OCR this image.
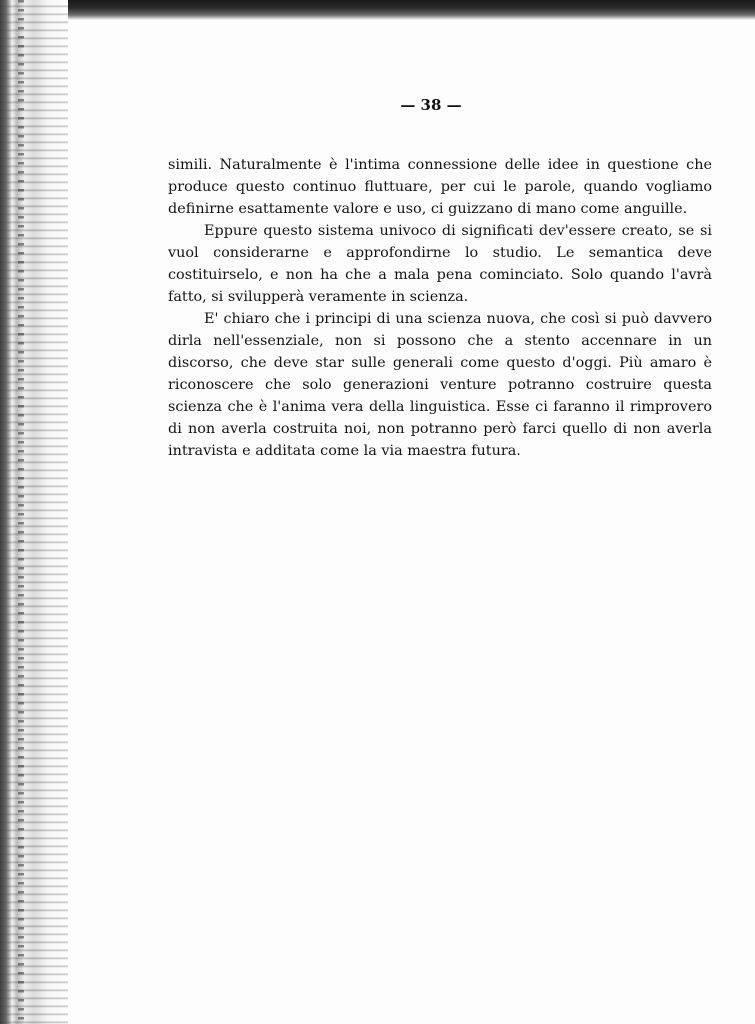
— 38 —

simili. Naturalmente è l'intima connessione delle idee in questione che produce questo continuo fluttuare, per cui le parole, quando vogliamo definirne esattamente valore e uso, ci guizzano di mano come anguille.

Eppure questo sistema univoco di significati dev'essere creato, se si vuol considerarne e approfondirne lo studio. Le semantica deve costituirselo, e non ha che a mala pena cominciato. Solo quando l'avrà fatto, si svilupperà veramente in scienza.

E' chiaro che i principi di una scienza nuova, che così si può davvero dirla nell'essenziale, non si possono che a stento accennare in un discorso, che deve star sulle generali come questo d'oggi. Più amaro è riconoscere che solo generazioni venture potranno costruire questa scienza che è l'anima vera della linguistica. Esse ci faranno il rimprovero di non averla costruita noi, non potranno però farci quello di non averla intravista e additata come la via maestra futura.
